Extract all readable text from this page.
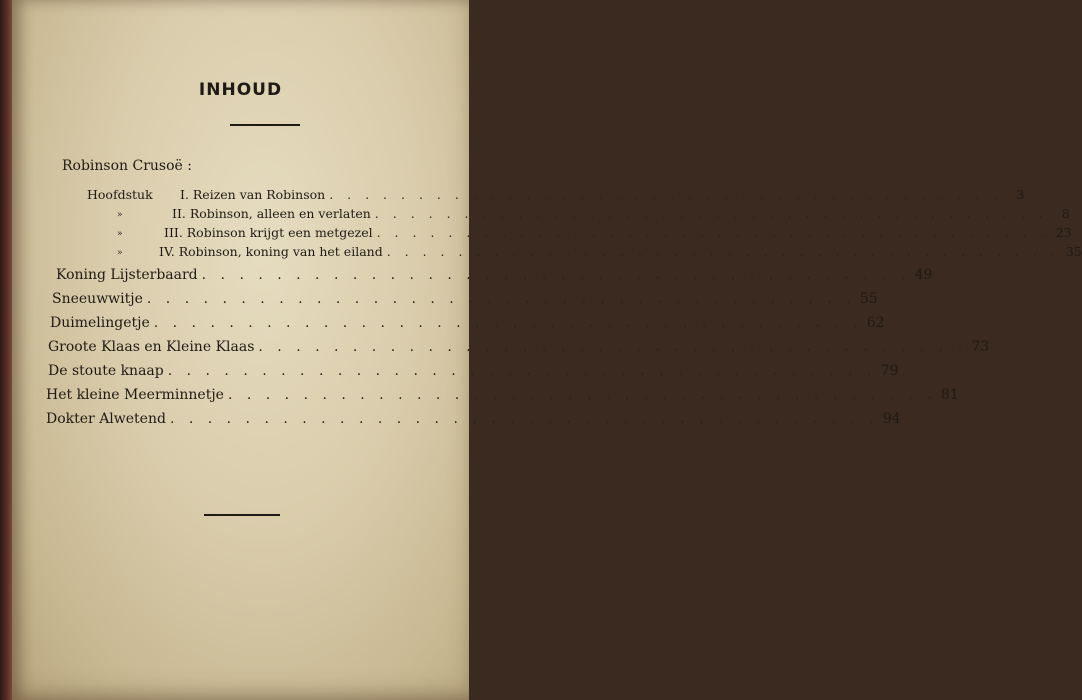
INHOUD
Robinson Crusoë :
Hoofdstuk
»
»
»
I. Reizen van Robinson . . . . . . . . . . . . . . . . . . . . . . . . . . . . . . . . . . . . . .	3
II. Robinson, alleen en verlaten . . . . . . . . . . . . . . . . . . . . . . . . . . . . . . . . . . . . . .	8
III. Robinson krijgt een metgezel . . . . . . . . . . . . . . . . . . . . . . . . . . . . . . . . . . . . . . 23
IV. Robinson, koning van het eiland . . . . . . . . . . . . . . . . . . . . . . . . . . . . . . . . . . . . . . 35
Koning Lijsterbaard . . . . . . . . . . . . . . . . . . . . . . . . . . . . . . . . . . . . . . 49
Sneeuwwitje . . . . . . . . . . . . . . . . . . . . . . . . . . . . . . . . . . . . . . 55
Duimelingetje . . . . . . . . . . . . . . . . . . . . . . . . . . . . . . . . . . . . . . 62
Groote Klaas en Kleine Klaas . . . . . . . . . . . . . . . . . . . . . . . . . . . . . . . . . . . . . . 73
De stoute knaap . . . . . . . . . . . . . . . . . . . . . . . . . . . . . . . . . . . . . . 79
Het kleine Meerminnetje . . . . . . . . . . . . . . . . . . . . . . . . . . . . . . . . . . . . . . 81
Dokter Alwetend . . . . . . . . . . . . . . . . . . . . . . . . . . . . . . . . . . . . . . 94
